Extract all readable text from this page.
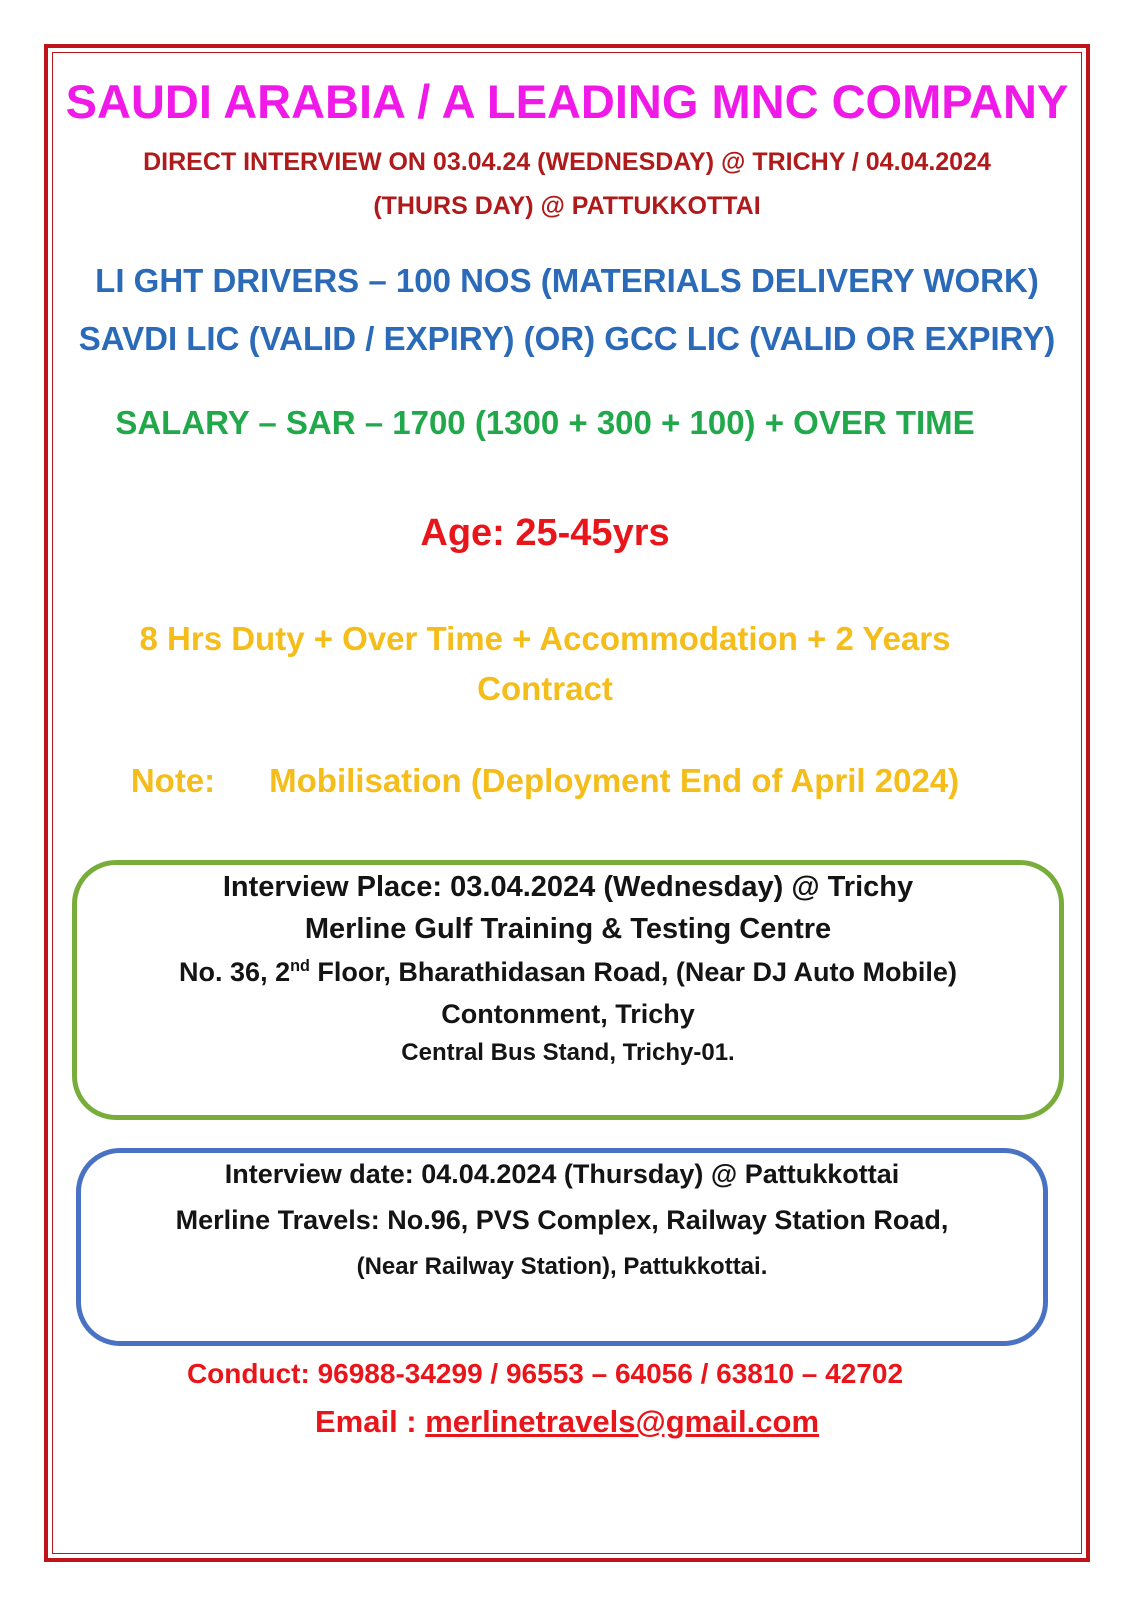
SAUDI ARABIA / A LEADING MNC COMPANY
DIRECT INTERVIEW ON 03.04.24 (WEDNESDAY) @ TRICHY / 04.04.2024
(THURS DAY) @ PATTUKKOTTAI
LI GHT DRIVERS – 100 NOS (MATERIALS DELIVERY WORK)
SAVDI LIC (VALID / EXPIRY) (OR) GCC LIC (VALID OR EXPIRY)
SALARY – SAR – 1700 (1300 + 300 + 100) + OVER TIME
Age: 25-45yrs
8 Hrs Duty + Over Time + Accommodation + 2 Years
Contract
Note: Mobilisation (Deployment End of April 2024)
Interview Place: 03.04.2024 (Wednesday) @ Trichy
Merline Gulf Training & Testing Centre
No. 36, 2nd Floor, Bharathidasan Road, (Near DJ Auto Mobile)
Contonment, Trichy
Central Bus Stand, Trichy-01.
Interview date: 04.04.2024 (Thursday) @ Pattukkottai
Merline Travels: No.96, PVS Complex, Railway Station Road,
(Near Railway Station), Pattukkottai.
Conduct: 96988-34299 / 96553 – 64056 / 63810 – 42702
Email : merlinetravels@gmail.com
